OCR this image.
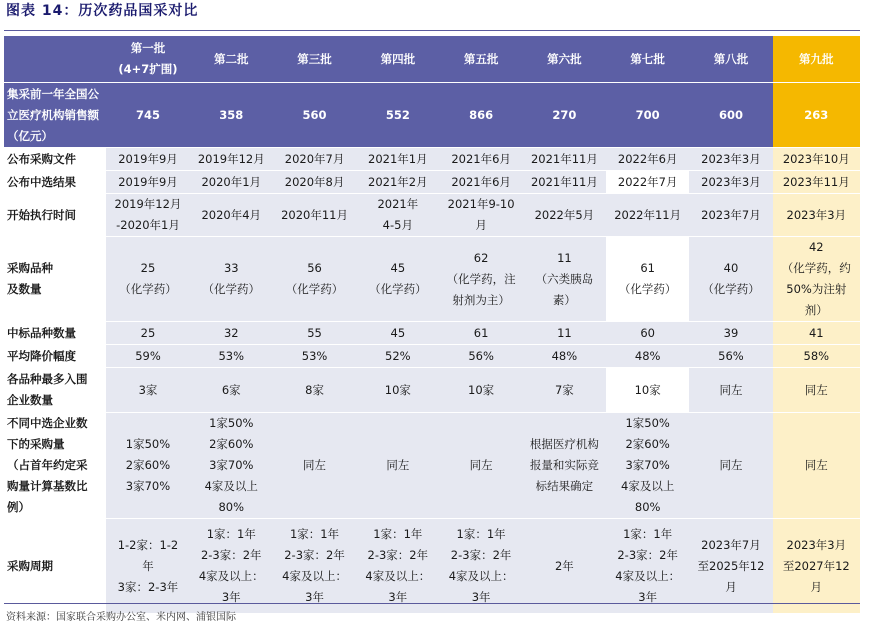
图表 14：历次药品国采对比
	第一批
(4+7扩围)	第二批	第三批	第四批	第五批	第六批	第七批	第八批	第九批
集采前一年全国公立医疗机构销售额（亿元）	745	358	560	552	866	270	700	600	263
公布采购文件	2019年9月	2019年12月	2020年7月	2021年1月	2021年6月	2021年11月	2022年6月	2023年3月	2023年10月
公布中选结果	2019年9月	2020年1月	2020年8月	2021年2月	2021年6月	2021年11月	2022年7月	2023年3月	2023年11月
开始执行时间	2019年12月
-2020年1月	2020年4月	2020年11月	2021年
4-5月	2021年9-10
月	2022年5月	2022年11月	2023年7月	2023年3月
采购品种
及数量	25
（化学药）	33
（化学药）	56
（化学药）	45
（化学药）	62
（化学药，注
射剂为主）	11
（六类胰岛
素）	61
（化学药）	40
（化学药）	42
（化学药，约
50%为注射
剂）
中标品种数量	25	32	55	45	61	11	60	39	41
平均降价幅度	59%	53%	53%	52%	56%	48%	48%	56%	58%
各品种最多入围
企业数量	3家	6家	8家	10家	10家	7家	10家	同左	同左
不同中选企业数
下的采购量
（占首年约定采
购量计算基数比
例）	1家50%
2家60%
3家70%	1家50%
2家60%
3家70%
4家及以上
80%	同左	同左	同左	根据医疗机构
报量和实际竞
标结果确定	1家50%
2家60%
3家70%
4家及以上
80%	同左	同左
采购周期	1-2家：1-2
年
3家：2-3年	1家：1年
2-3家：2年
4家及以上：
3年	1家：1年
2-3家：2年
4家及以上：
3年	1家：1年
2-3家：2年
4家及以上：
3年	1家：1年
2-3家：2年
4家及以上：
3年	2年	1家：1年
2-3家：2年
4家及以上：
3年	2023年7月
至2025年12
月	2023年3月
至2027年12
月
资料来源：国家联合采购办公室、米内网、浦银国际
